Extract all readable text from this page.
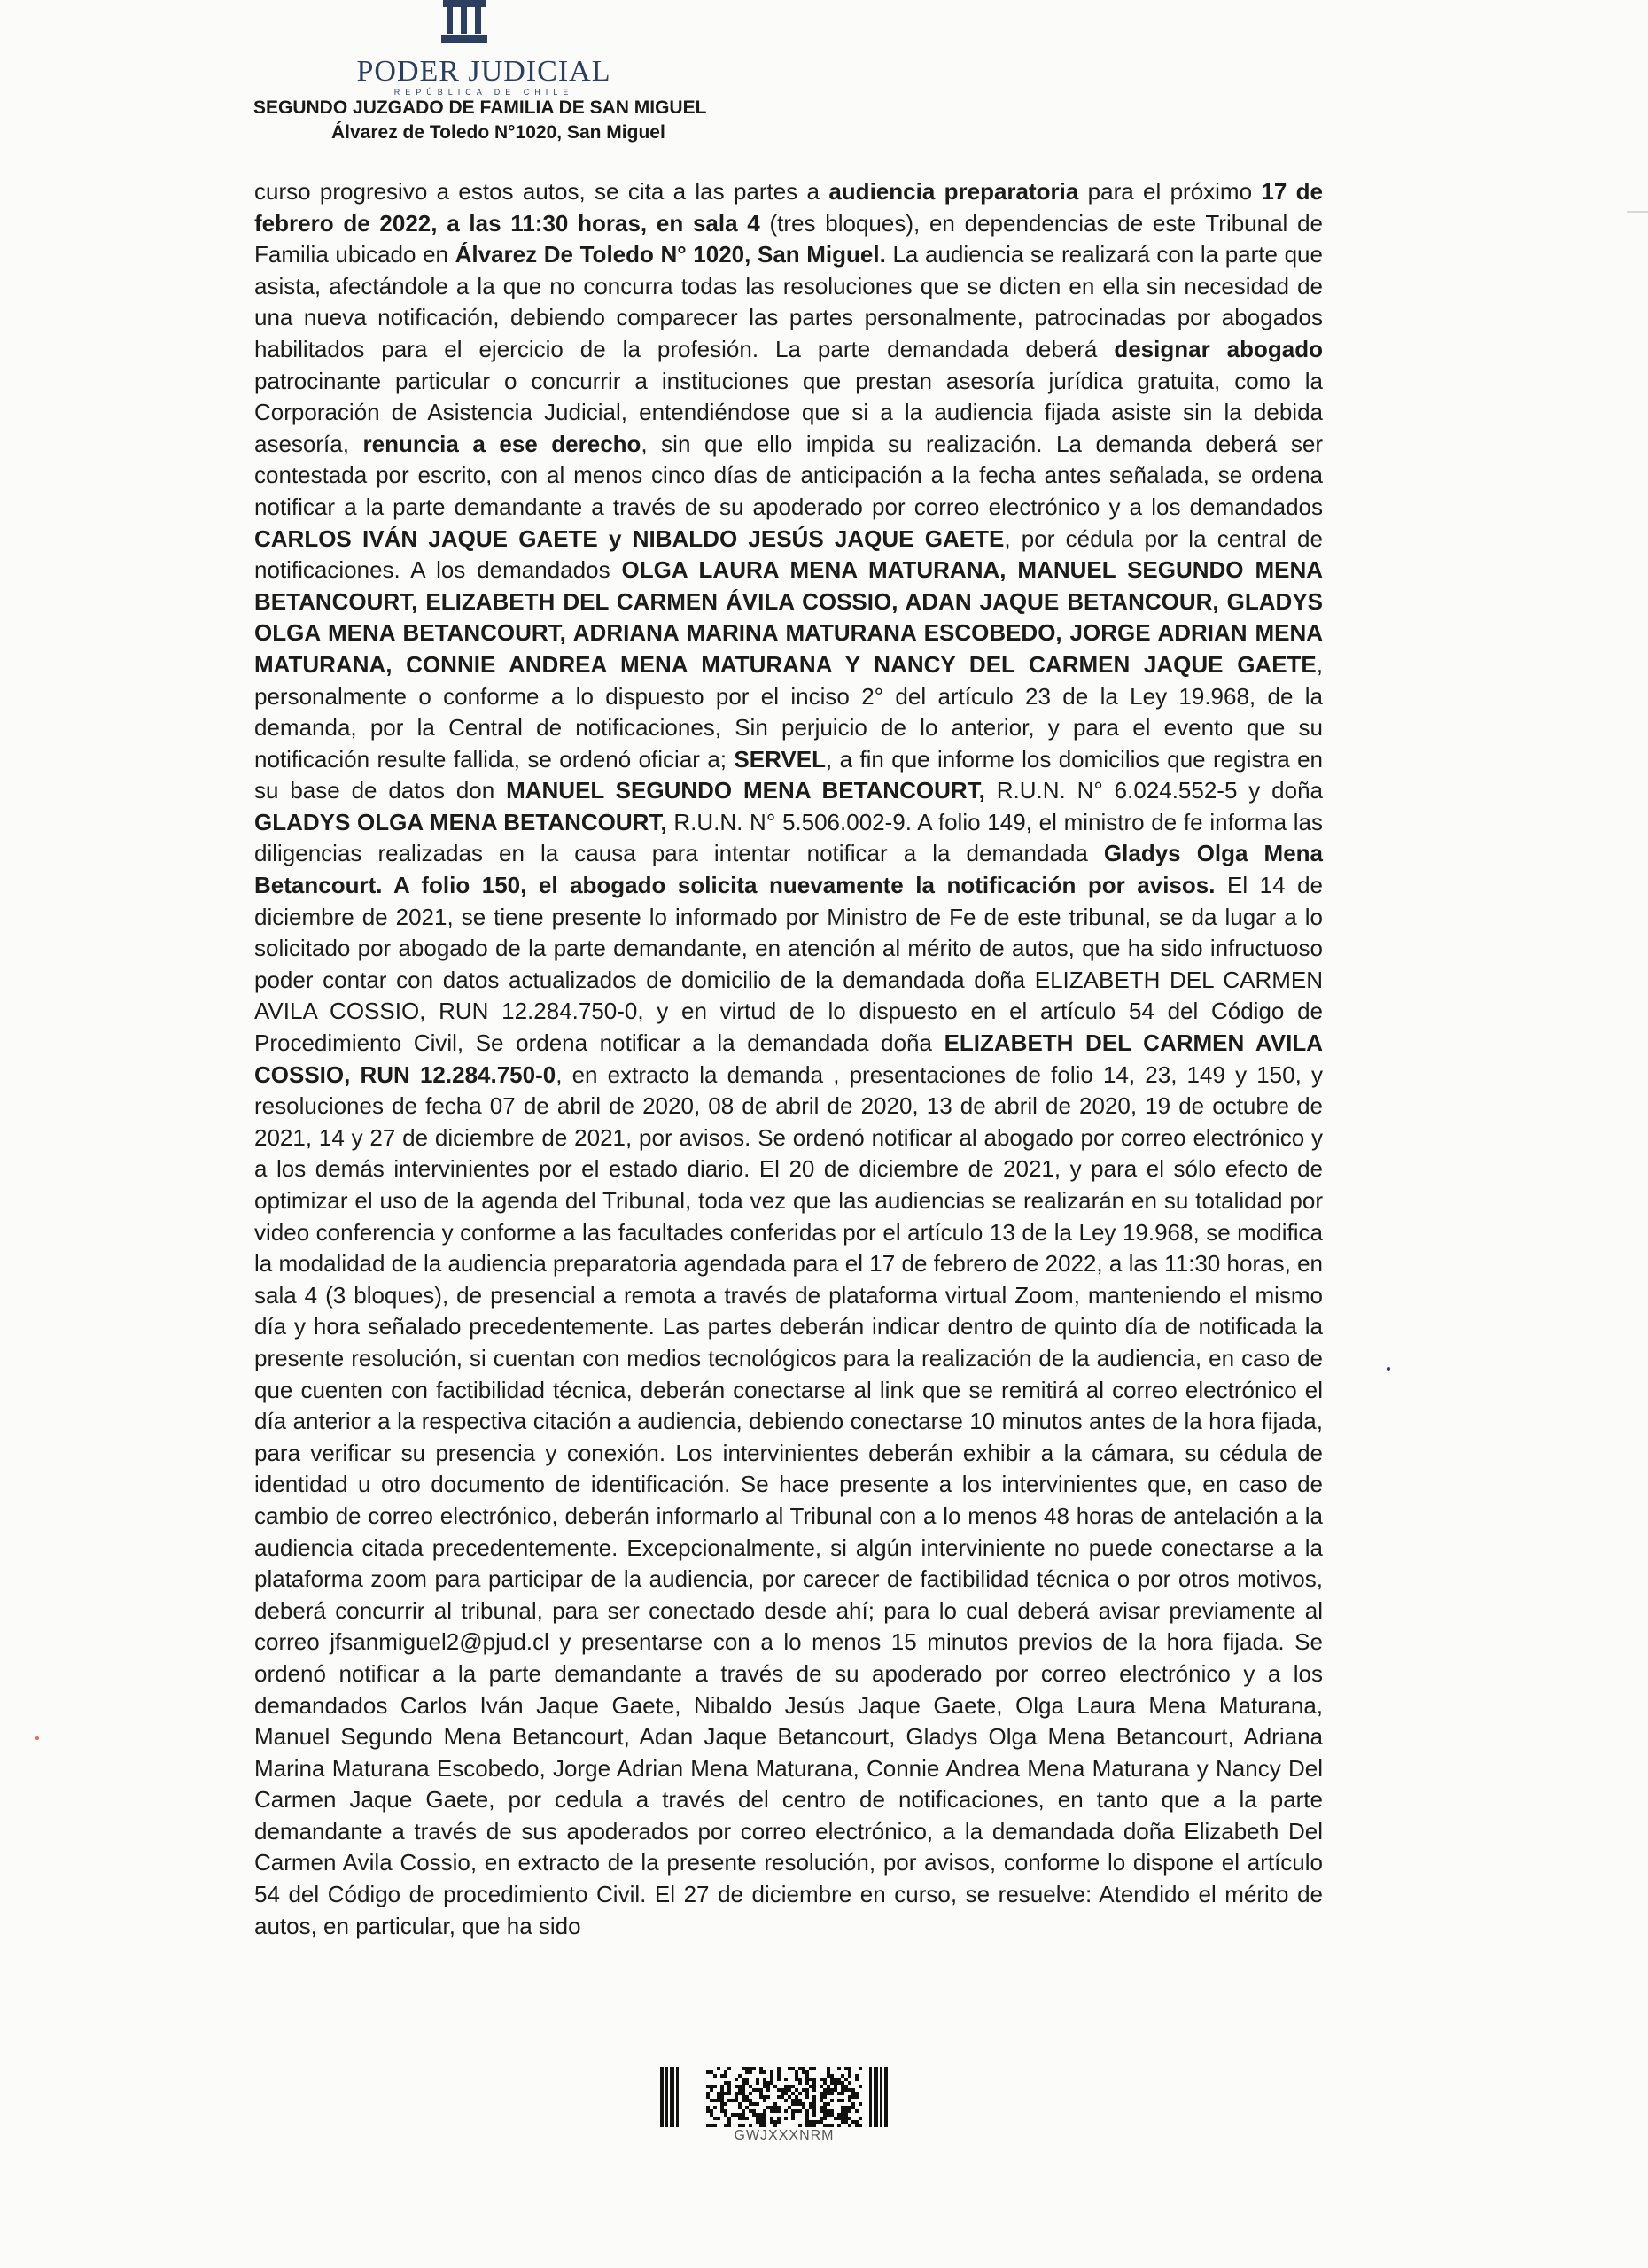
PODER JUDICIAL
REPÚBLICA DE CHILE
SEGUNDO JUZGADO DE FAMILIA DE SAN MIGUEL
Álvarez de Toledo N°1020, San Miguel
curso progresivo a estos autos, se cita a las partes a audiencia preparatoria para el próximo 17 de febrero de 2022, a las 11:30 horas, en sala 4 (tres bloques), en dependencias de este Tribunal de Familia ubicado en Álvarez De Toledo N° 1020, San Miguel. La audiencia se realizará con la parte que asista, afectándole a la que no concurra todas las resoluciones que se dicten en ella sin necesidad de una nueva notificación, debiendo comparecer las partes personalmente, patrocinadas por abogados habilitados para el ejercicio de la profesión. La parte demandada deberá designar abogado patrocinante particular o concurrir a instituciones que prestan asesoría jurídica gratuita, como la Corporación de Asistencia Judicial, entendiéndose que si a la audiencia fijada asiste sin la debida asesoría, renuncia a ese derecho, sin que ello impida su realización. La demanda deberá ser contestada por escrito, con al menos cinco días de anticipación a la fecha antes señalada, se ordena notificar a la parte demandante a través de su apoderado por correo electrónico y a los demandados CARLOS IVÁN JAQUE GAETE y NIBALDO JESÚS JAQUE GAETE, por cédula por la central de notificaciones. A los demandados OLGA LAURA MENA MATURANA, MANUEL SEGUNDO MENA BETANCOURT, ELIZABETH DEL CARMEN ÁVILA COSSIO, ADAN JAQUE BETANCOUR, GLADYS OLGA MENA BETANCOURT, ADRIANA MARINA MATURANA ESCOBEDO, JORGE ADRIAN MENA MATURANA, CONNIE ANDREA MENA MATURANA Y NANCY DEL CARMEN JAQUE GAETE, personalmente o conforme a lo dispuesto por el inciso 2° del artículo 23 de la Ley 19.968, de la demanda, por la Central de notificaciones, Sin perjuicio de lo anterior, y para el evento que su notificación resulte fallida, se ordenó oficiar a; SERVEL, a fin que informe los domicilios que registra en su base de datos don MANUEL SEGUNDO MENA BETANCOURT, R.U.N. N° 6.024.552-5 y doña GLADYS OLGA MENA BETANCOURT, R.U.N. N° 5.506.002-9. A folio 149, el ministro de fe informa las diligencias realizadas en la causa para intentar notificar a la demandada Gladys Olga Mena Betancourt. A folio 150, el abogado solicita nuevamente la notificación por avisos. El 14 de diciembre de 2021, se tiene presente lo informado por Ministro de Fe de este tribunal, se da lugar a lo solicitado por abogado de la parte demandante, en atención al mérito de autos, que ha sido infructuoso poder contar con datos actualizados de domicilio de la demandada doña ELIZABETH DEL CARMEN AVILA COSSIO, RUN 12.284.750-0, y en virtud de lo dispuesto en el artículo 54 del Código de Procedimiento Civil, Se ordena notificar a la demandada doña ELIZABETH DEL CARMEN AVILA COSSIO, RUN 12.284.750-0, en extracto la demanda , presentaciones de folio 14, 23, 149 y 150, y resoluciones de fecha 07 de abril de 2020, 08 de abril de 2020, 13 de abril de 2020, 19 de octubre de 2021, 14 y 27 de diciembre de 2021, por avisos. Se ordenó notificar al abogado por correo electrónico y a los demás intervinientes por el estado diario. El 20 de diciembre de 2021, y para el sólo efecto de optimizar el uso de la agenda del Tribunal, toda vez que las audiencias se realizarán en su totalidad por video conferencia y conforme a las facultades conferidas por el artículo 13 de la Ley 19.968, se modifica la modalidad de la audiencia preparatoria agendada para el 17 de febrero de 2022, a las 11:30 horas, en sala 4 (3 bloques), de presencial a remota a través de plataforma virtual Zoom, manteniendo el mismo día y hora señalado precedentemente. Las partes deberán indicar dentro de quinto día de notificada la presente resolución, si cuentan con medios tecnológicos para la realización de la audiencia, en caso de que cuenten con factibilidad técnica, deberán conectarse al link que se remitirá al correo electrónico el día anterior a la respectiva citación a audiencia, debiendo conectarse 10 minutos antes de la hora fijada, para verificar su presencia y conexión. Los intervinientes deberán exhibir a la cámara, su cédula de identidad u otro documento de identificación. Se hace presente a los intervinientes que, en caso de cambio de correo electrónico, deberán informarlo al Tribunal con a lo menos 48 horas de antelación a la audiencia citada precedentemente. Excepcionalmente, si algún interviniente no puede conectarse a la plataforma zoom para participar de la audiencia, por carecer de factibilidad técnica o por otros motivos, deberá concurrir al tribunal, para ser conectado desde ahí; para lo cual deberá avisar previamente al correo jfsanmiguel2@pjud.cl y presentarse con a lo menos 15 minutos previos de la hora fijada. Se ordenó notificar a la parte demandante a través de su apoderado por correo electrónico y a los demandados Carlos Iván Jaque Gaete, Nibaldo Jesús Jaque Gaete, Olga Laura Mena Maturana, Manuel Segundo Mena Betancourt, Adan Jaque Betancourt, Gladys Olga Mena Betancourt, Adriana Marina Maturana Escobedo, Jorge Adrian Mena Maturana, Connie Andrea Mena Maturana y Nancy Del Carmen Jaque Gaete, por cedula a través del centro de notificaciones, en tanto que a la parte demandante a través de sus apoderados por correo electrónico, a la demandada doña Elizabeth Del Carmen Avila Cossio, en extracto de la presente resolución, por avisos, conforme lo dispone el artículo 54 del Código de procedimiento Civil. El 27 de diciembre en curso, se resuelve: Atendido el mérito de autos, en particular, que ha sido
GWJXXXNRM
